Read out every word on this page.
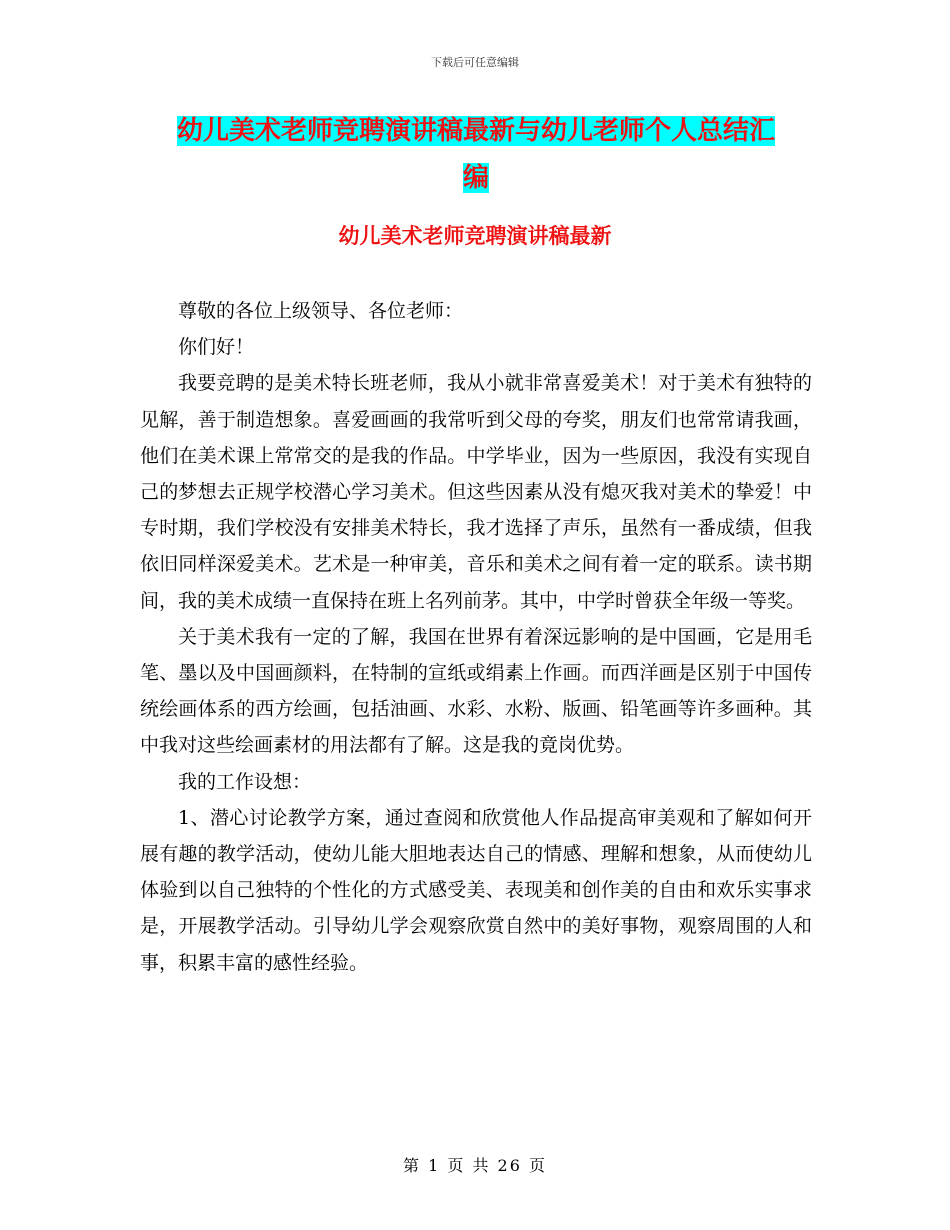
下载后可任意编辑
幼儿美术老师竞聘演讲稿最新与幼儿老师个人总结汇
编
幼儿美术老师竞聘演讲稿最新

尊敬的各位上级领导、各位老师：

你们好！

我要竞聘的是美术特长班老师，我从小就非常喜爱美术！对于美术有独特的见解，善于制造想象。喜爱画画的我常听到父母的夸奖，朋友们也常常请我画，他们在美术课上常常交的是我的作品。中学毕业，因为一些原因，我没有实现自己的梦想去正规学校潜心学习美术。但这些因素从没有熄灭我对美术的挚爱！中专时期，我们学校没有安排美术特长，我才选择了声乐，虽然有一番成绩，但我依旧同样深爱美术。艺术是一种审美，音乐和美术之间有着一定的联系。读书期间，我的美术成绩一直保持在班上名列前茅。其中，中学时曾获全年级一等奖。

关于美术我有一定的了解，我国在世界有着深远影响的是中国画，它是用毛笔、墨以及中国画颜料，在特制的宣纸或绢素上作画。而西洋画是区别于中国传统绘画体系的西方绘画，包括油画、水彩、水粉、版画、铅笔画等许多画种。其中我对这些绘画素材的用法都有了解。这是我的竟岗优势。

我的工作设想：

1、潜心讨论教学方案，通过查阅和欣赏他人作品提高审美观和了解如何开展有趣的教学活动，使幼儿能大胆地表达自己的情感、理解和想象，从而使幼儿体验到以自己独特的个性化的方式感受美、表现美和创作美的自由和欢乐实事求是，开展教学活动。引导幼儿学会观察欣赏自然中的美好事物，观察周围的人和事，积累丰富的感性经验。

第 1 页 共 26 页
